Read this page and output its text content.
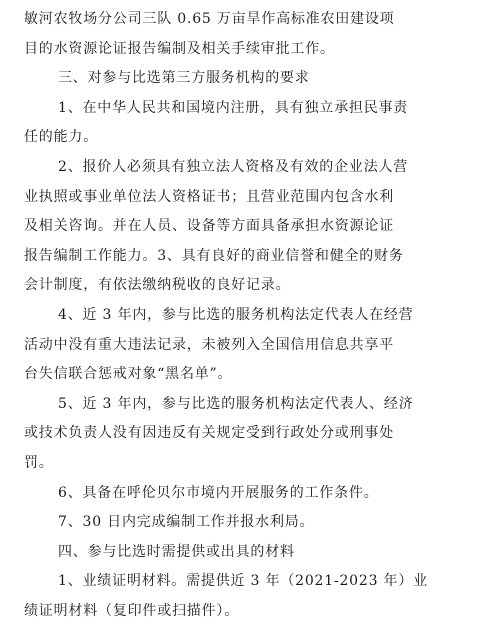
敏河农牧场分公司三队 0.65 万亩旱作高标准农田建设项
目的水资源论证报告编制及相关手续审批工作。
三、对参与比选第三方服务机构的要求
1、在中华人民共和国境内注册，具有独立承担民事责
任的能力。
2、报价人必须具有独立法人资格及有效的企业法人营
业执照或事业单位法人资格证书；且营业范围内包含水利
及相关咨询。并在人员、设备等方面具备承担水资源论证
报告编制工作能力。3、具有良好的商业信誉和健全的财务
会计制度，有依法缴纳税收的良好记录。
4、近 3 年内，参与比选的服务机构法定代表人在经营
活动中没有重大违法记录，未被列入全国信用信息共享平
台失信联合惩戒对象“黑名单”。
5、近 3 年内，参与比选的服务机构法定代表人、经济
或技术负责人没有因违反有关规定受到行政处分或刑事处
罚。
6、具备在呼伦贝尔市境内开展服务的工作条件。
7、30 日内完成编制工作并报水利局。
四、参与比选时需提供或出具的材料
1、业绩证明材料。需提供近 3 年（2021-2023 年）业
绩证明材料（复印件或扫描件）。
